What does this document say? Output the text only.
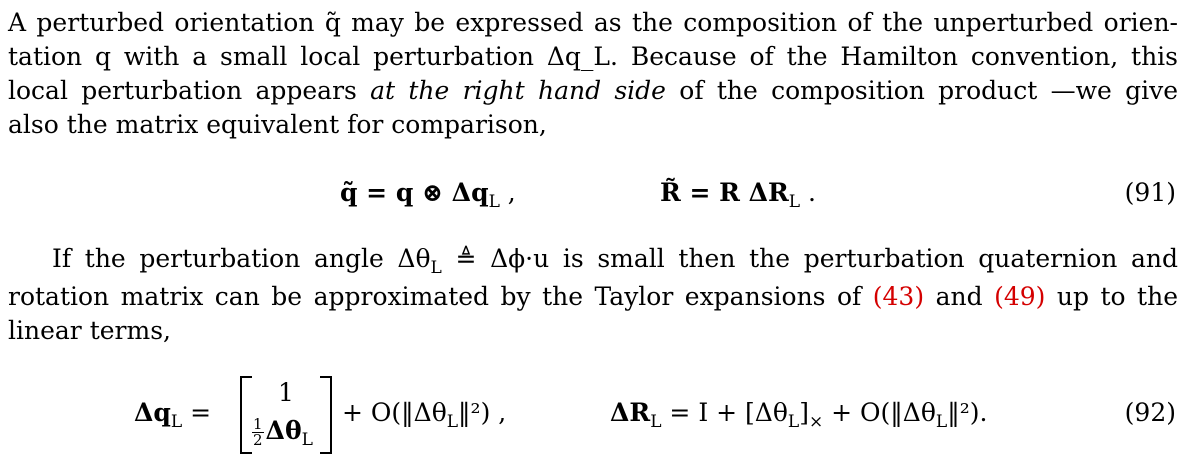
A perturbed orientation q̃ may be expressed as the composition of the unperturbed orien-
tation q with a small local perturbation Δq_L. Because of the Hamilton convention, this
local perturbation appears at the right hand side of the composition product —we give
also the matrix equivalent for comparison,
q̃ = q ⊗ $\Delta q_L$ ,	R̃ = R $\Delta R_L$ .	(91)
If the perturbation angle $\Delta\theta_L$ ≜ Δϕ·u is small then the perturbation quaternion and
rotation matrix can be approximated by the Taylor expansions of (43) and (49) up to the
linear terms,
$\Delta q_L$ =
1
$\frac{1}{2} \Delta\theta_L$
+ $O(‖\Delta\theta_L‖^2)$ ,	$\Delta R_L = I + [\Delta\theta_L]_\times$ + $O(‖\Delta\theta_L‖^2)$.	(92)
